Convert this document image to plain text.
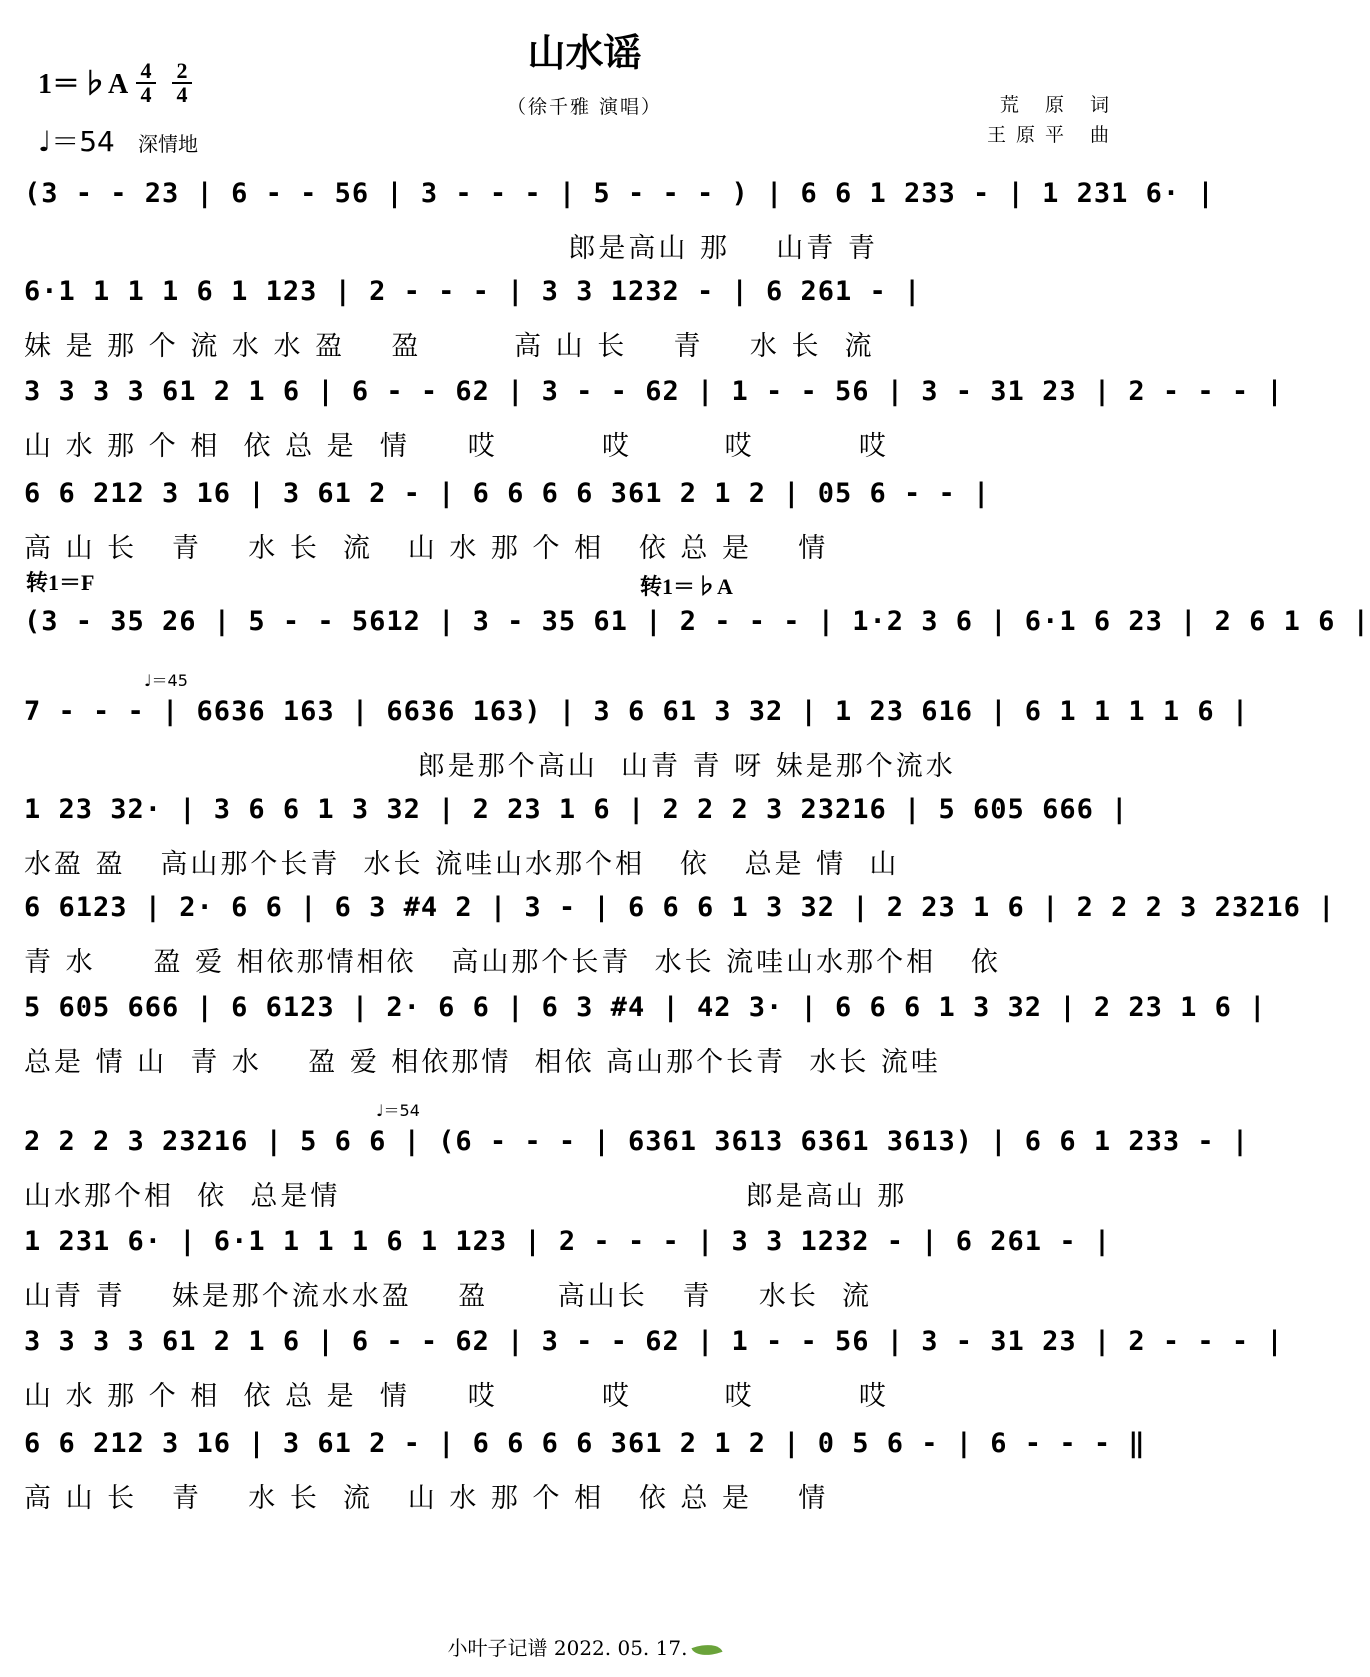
山水谣
（徐千雅 演唱）
1＝♭A 4
4
2
4
♩＝54 深情地
荒 原 词
王原平 曲
(3 - - 23 | 6 - - 56 | 3 - - - | 5 - - - ) | 6 6 1 233 - | 1 231 6· |
郎是高山 那    山青 青
6·1 1 1 1 6 1 123 | 2 - - - | 3 3 1232 - | 6 261 - |
妹 是 那 个 流 水 水 盈    盈        高 山 长    青    水 长  流
3 3 3 3 61 2 1 6 | 6 - - 62 | 3 - - 62 | 1 - - 56 | 3 - 31 23 | 2 - - - |
山 水 那 个 相  依 总 是  情     哎         哎        哎         哎
6 6 212 3 16 | 3 61 2 - | 6 6 6 6 361 2 1 2 | 05 6 - - |
高 山 长   青    水 长  流   山 水 那 个 相   依 总 是    情
转1＝F	转1＝♭A
(3 - 35 26 | 5 - - 5612 | 3 - 35 61 | 2 - - - | 1·2 3 6 | 6·1 6 23 | 2 6 1 6 |
♩＝45
7 - - - | 6636 163 | 6636 163) | 3 6 61 3 32 | 1 23 616 | 6 1 1 1 1 6 |
郎是那个高山  山青 青 呀 妹是那个流水
1 23 32· | 3 6 6 1 3 32 | 2 23 1 6 | 2 2 2 3 23216 | 5 605 666 |
水盈 盈   高山那个长青  水长 流哇山水那个相   依   总是 情  山
6 6123 | 2· 6 6 | 6 3 #4 2 | 3 - | 6 6 6 1 3 32 | 2 23 1 6 | 2 2 2 3 23216 |
青 水     盈 爱 相依那情相依   高山那个长青  水长 流哇山水那个相   依
5 605 666 | 6 6123 | 2· 6 6 | 6 3 #4 | 42 3· | 6 6 6 1 3 32 | 2 23 1 6 |
总是 情 山  青 水    盈 爱 相依那情  相依 高山那个长青  水长 流哇
♩＝54
2 2 2 3 23216 | 5 6 6 | (6 - - - | 6361 3613 6361 3613) | 6 6 1 233 - |
山水那个相  依  总是情                                   郎是高山 那
1 231 6· | 6·1 1 1 1 6 1 123 | 2 - - - | 3 3 1232 - | 6 261 - |
山青 青    妹是那个流水水盈    盈      高山长   青    水长  流
3 3 3 3 61 2 1 6 | 6 - - 62 | 3 - - 62 | 1 - - 56 | 3 - 31 23 | 2 - - - |
山 水 那 个 相  依 总 是  情     哎         哎        哎         哎
6 6 212 3 16 | 3 61 2 - | 6 6 6 6 361 2 1 2 | 0 5 6 - | 6 - - - ‖
高 山 长   青    水 长  流   山 水 那 个 相   依 总 是    情
小叶子记谱 2022. 05. 17.
